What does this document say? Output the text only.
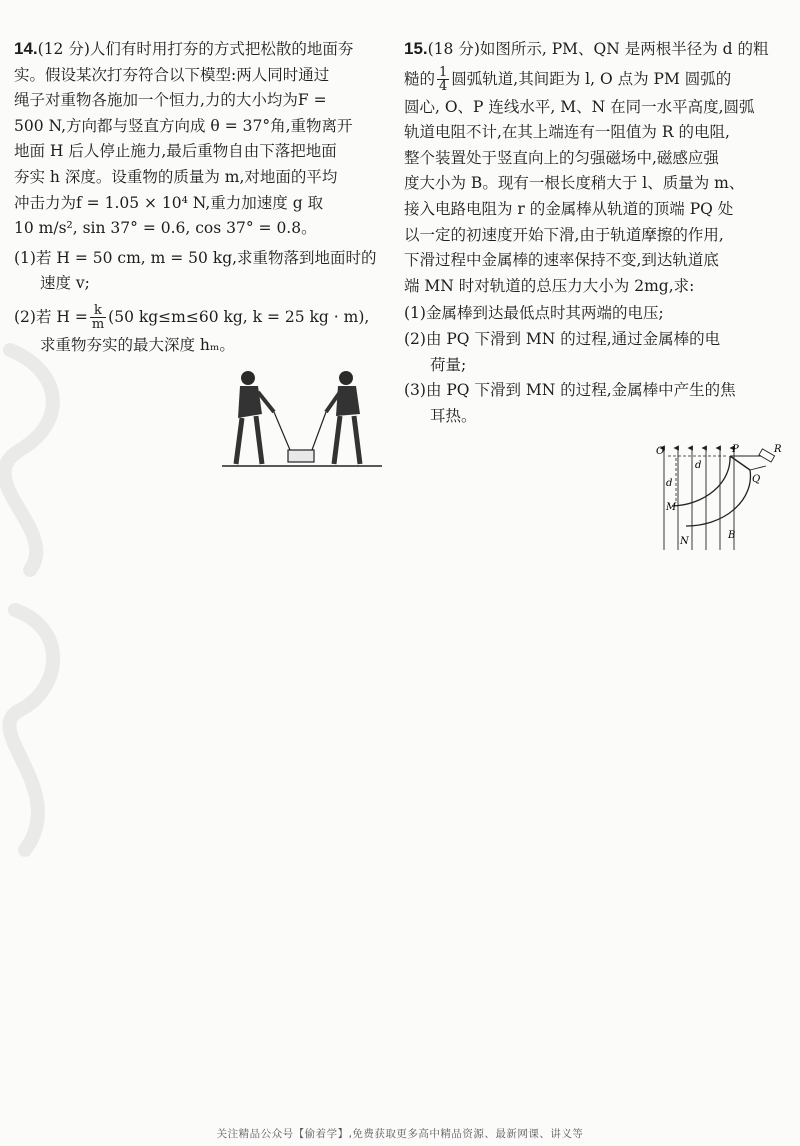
14.(12 分)人们有时用打夯的方式把松散的地面夯
实。假设某次打夯符合以下模型:两人同时通过
绳子对重物各施加一个恒力,力的大小均为F =
500 N,方向都与竖直方向成 θ = 37°角,重物离开
地面 H 后人停止施力,最后重物自由下落把地面
夯实 h 深度。设重物的质量为 m,对地面的平均
冲击力为f = 1.05 × 10⁴ N,重力加速度 g 取
10 m/s², sin 37° = 0.6, cos 37° = 0.8。
(1)若 H = 50 cm, m = 50 kg,求重物落到地面时的
速度 v;
(2)若 $H = \frac{k}{m} (50$ kg≤m≤60 kg, k = 25 kg · m),
求重物夯实的最大深度 hₘ。
15.(18 分)如图所示, PM、QN 是两根半径为 d 的粗
糙的 $\frac{1}{4}$ 圆弧轨道,其间距为 l, O 点为 PM 圆弧的
圆心, O、P 连线水平, M、N 在同一水平高度,圆弧
轨道电阻不计,在其上端连有一阻值为 R 的电阻,
整个装置处于竖直向上的匀强磁场中,磁感应强
度大小为 B。现有一根长度稍大于 l、质量为 m、
接入电路电阻为 r 的金属棒从轨道的顶端 PQ 处
以一定的初速度开始下滑,由于轨道摩擦的作用,
下滑过程中金属棒的速率保持不变,到达轨道底
端 MN 时对轨道的总压力大小为 2mg,求:
(1)金属棒到达最低点时其两端的电压;
(2)由 PQ 下滑到 MN 的过程,通过金属棒的电
荷量;
(3)由 PQ 下滑到 MN 的过程,金属棒中产生的焦
耳热。
O	P	R
Q
d
d
M
N
B
关注精品公众号【偷着学】,免费获取更多高中精品资源、最新网课、讲义等
